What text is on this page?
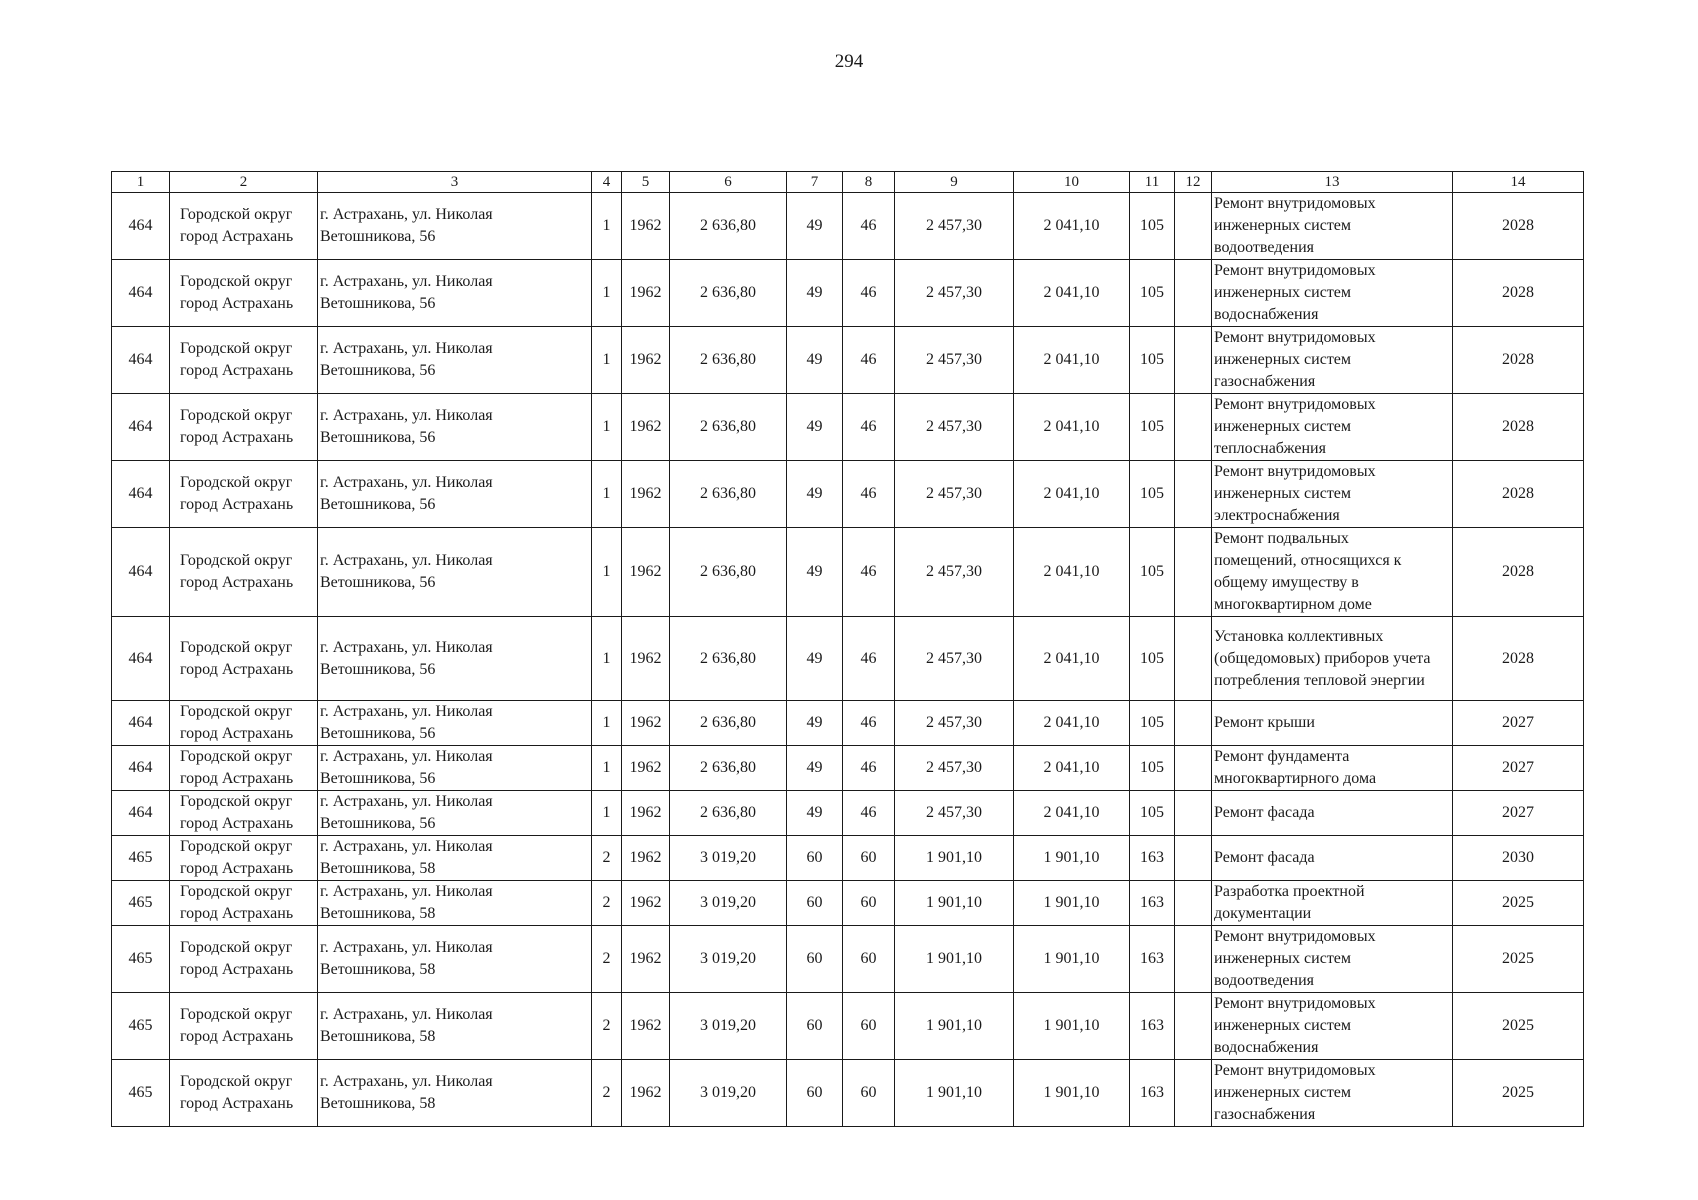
294
1	2	3	4	5	6	7	8	9	10	11	12	13	14
464	Городской округ
город Астрахань	г. Астрахань, ул. Николая
Ветошникова, 56	1	1962	2 636,80	49	46	2 457,30	2 041,10	105		Ремонт внутридомовых
инженерных систем
водоотведения	2028
464	Городской округ
город Астрахань	г. Астрахань, ул. Николая
Ветошникова, 56	1	1962	2 636,80	49	46	2 457,30	2 041,10	105		Ремонт внутридомовых
инженерных систем
водоснабжения	2028
464	Городской округ
город Астрахань	г. Астрахань, ул. Николая
Ветошникова, 56	1	1962	2 636,80	49	46	2 457,30	2 041,10	105		Ремонт внутридомовых
инженерных систем
газоснабжения	2028
464	Городской округ
город Астрахань	г. Астрахань, ул. Николая
Ветошникова, 56	1	1962	2 636,80	49	46	2 457,30	2 041,10	105		Ремонт внутридомовых
инженерных систем
теплоснабжения	2028
464	Городской округ
город Астрахань	г. Астрахань, ул. Николая
Ветошникова, 56	1	1962	2 636,80	49	46	2 457,30	2 041,10	105		Ремонт внутридомовых
инженерных систем
электроснабжения	2028
464	Городской округ
город Астрахань	г. Астрахань, ул. Николая
Ветошникова, 56	1	1962	2 636,80	49	46	2 457,30	2 041,10	105		Ремонт подвальных
помещений, относящихся к
общему имуществу в
многоквартирном доме	2028
464	Городской округ
город Астрахань	г. Астрахань, ул. Николая
Ветошникова, 56	1	1962	2 636,80	49	46	2 457,30	2 041,10	105		Установка коллективных
(общедомовых) приборов учета
потребления тепловой энергии	2028
464	Городской округ
город Астрахань	г. Астрахань, ул. Николая
Ветошникова, 56	1	1962	2 636,80	49	46	2 457,30	2 041,10	105		Ремонт крыши	2027
464	Городской округ
город Астрахань	г. Астрахань, ул. Николая
Ветошникова, 56	1	1962	2 636,80	49	46	2 457,30	2 041,10	105		Ремонт фундамента
многоквартирного дома	2027
464	Городской округ
город Астрахань	г. Астрахань, ул. Николая
Ветошникова, 56	1	1962	2 636,80	49	46	2 457,30	2 041,10	105		Ремонт фасада	2027
465	Городской округ
город Астрахань	г. Астрахань, ул. Николая
Ветошникова, 58	2	1962	3 019,20	60	60	1 901,10	1 901,10	163		Ремонт фасада	2030
465	Городской округ
город Астрахань	г. Астрахань, ул. Николая
Ветошникова, 58	2	1962	3 019,20	60	60	1 901,10	1 901,10	163		Разработка проектной
документации	2025
465	Городской округ
город Астрахань	г. Астрахань, ул. Николая
Ветошникова, 58	2	1962	3 019,20	60	60	1 901,10	1 901,10	163		Ремонт внутридомовых
инженерных систем
водоотведения	2025
465	Городской округ
город Астрахань	г. Астрахань, ул. Николая
Ветошникова, 58	2	1962	3 019,20	60	60	1 901,10	1 901,10	163		Ремонт внутридомовых
инженерных систем
водоснабжения	2025
465	Городской округ
город Астрахань	г. Астрахань, ул. Николая
Ветошникова, 58	2	1962	3 019,20	60	60	1 901,10	1 901,10	163		Ремонт внутридомовых
инженерных систем
газоснабжения	2025
